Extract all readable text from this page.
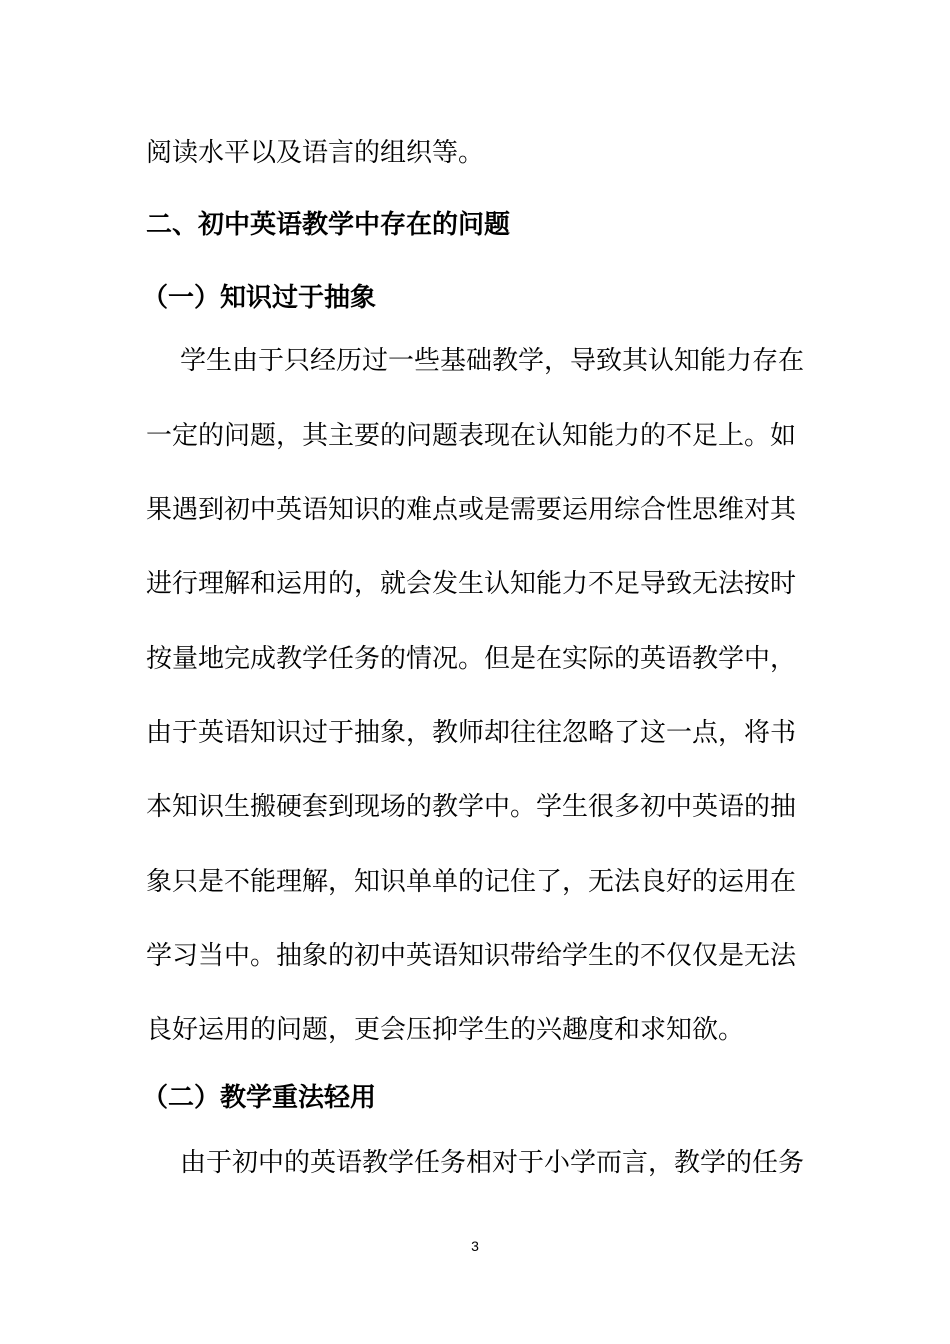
阅读水平以及语言的组织等。
二、初中英语教学中存在的问题
（一）知识过于抽象
学生由于只经历过一些基础教学，导致其认知能力存在
一定的问题，其主要的问题表现在认知能力的不足上。如
果遇到初中英语知识的难点或是需要运用综合性思维对其
进行理解和运用的，就会发生认知能力不足导致无法按时
按量地完成教学任务的情况。但是在实际的英语教学中，
由于英语知识过于抽象，教师却往往忽略了这一点，将书
本知识生搬硬套到现场的教学中。学生很多初中英语的抽
象只是不能理解，知识单单的记住了，无法良好的运用在
学习当中。抽象的初中英语知识带给学生的不仅仅是无法
良好运用的问题，更会压抑学生的兴趣度和求知欲。
（二）教学重法轻用
由于初中的英语教学任务相对于小学而言，教学的任务
3
